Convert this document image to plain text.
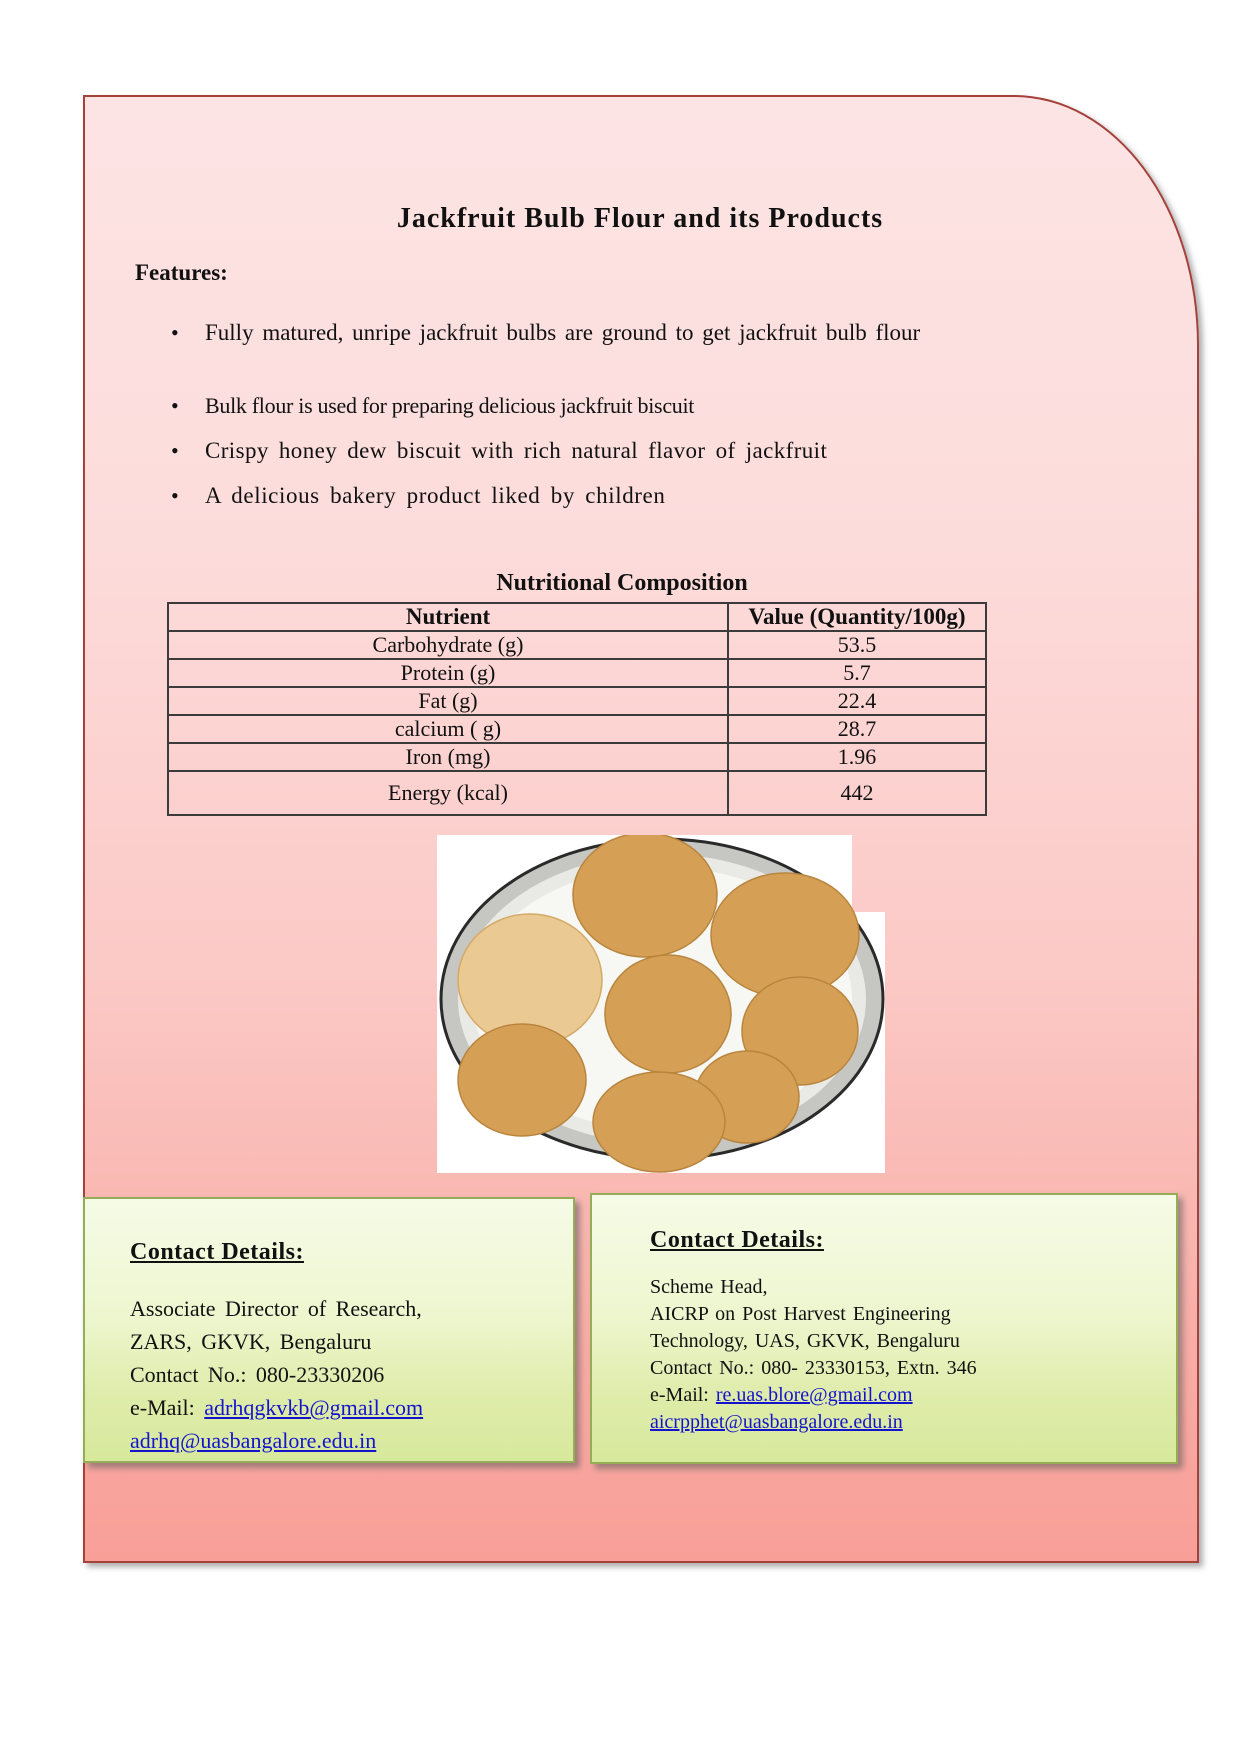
Jackfruit Bulb Flour and its Products
Features:
• Fully matured, unripe jackfruit bulbs are ground to get jackfruit bulb flour
• Bulk flour is used for preparing delicious jackfruit biscuit
• Crispy honey dew biscuit with rich natural flavor of jackfruit
• A delicious bakery product liked by children
Nutritional Composition
Nutrient	Value (Quantity/100g)
Carbohydrate (g)	53.5
Protein (g)	5.7
Fat (g)	22.4
calcium ( g)	28.7
Iron (mg)	1.96
Energy (kcal)	442
Contact Details:
Associate Director of Research,
ZARS, GKVK, Bengaluru
Contact No.: 080-23330206
e-Mail: adrhqgkvkb@gmail.com
adrhq@uasbangalore.edu.in
Contact Details:
Scheme Head,
AICRP on Post Harvest Engineering
Technology, UAS, GKVK, Bengaluru
Contact No.: 080- 23330153, Extn. 346
e-Mail: re.uas.blore@gmail.com
aicrpphet@uasbangalore.edu.in
